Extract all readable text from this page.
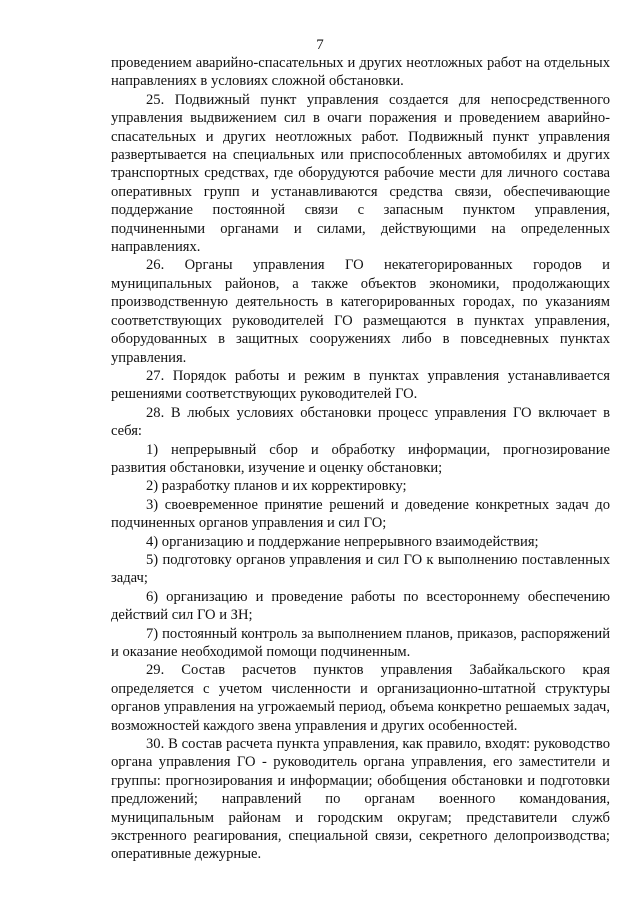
7

проведением аварийно-спасательных и других неотложных работ на отдельных направлениях в условиях сложной обстановки.

25. Подвижный пункт управления создается для непосредственного управления выдвижением сил в очаги поражения и проведением аварийно-спасательных и других неотложных работ. Подвижный пункт управления развертывается на специальных или приспособленных автомобилях и других транспортных средствах, где оборудуются рабочие мести для личного состава оперативных групп и устанавливаются средства связи, обеспечивающие поддержание постоянной связи с запасным пунктом управления, подчиненными органами и силами, действующими на определенных направлениях.

26. Органы управления ГО некатегорированных городов и муниципальных районов, а также объектов экономики, продолжающих производственную деятельность в категорированных городах, по указаниям соответствующих руководителей ГО размещаются в пунктах управления, оборудованных в защитных сооружениях либо в повседневных пунктах управления.

27. Порядок работы и режим в пунктах управления устанавливается решениями соответствующих руководителей ГО.

28. В любых условиях обстановки процесс управления ГО включает в себя:

1) непрерывный сбор и обработку информации, прогнозирование развития обстановки, изучение и оценку обстановки;

2) разработку планов и их корректировку;

3) своевременное принятие решений и доведение конкретных задач до подчиненных органов управления и сил ГО;

4) организацию и поддержание непрерывного взаимодействия;

5) подготовку органов управления и сил ГО к выполнению поставленных задач;

6) организацию и проведение работы по всестороннему обеспечению действий сил ГО и ЗН;

7) постоянный контроль за выполнением планов, приказов, распоряжений и оказание необходимой помощи подчиненным.

29. Состав расчетов пунктов управления Забайкальского края определяется с учетом численности и организационно-штатной структуры органов управления на угрожаемый период, объема конкретно решаемых задач, возможностей каждого звена управления и других особенностей.

30. В состав расчета пункта управления, как правило, входят: руководство органа управления ГО - руководитель органа управления, его заместители и группы: прогнозирования и информации; обобщения обстановки и подготовки предложений; направлений по органам военного командования, муниципальным районам и городским округам; представители служб экстренного реагирования, специальной связи, секретного делопроизводства; оперативные дежурные.
